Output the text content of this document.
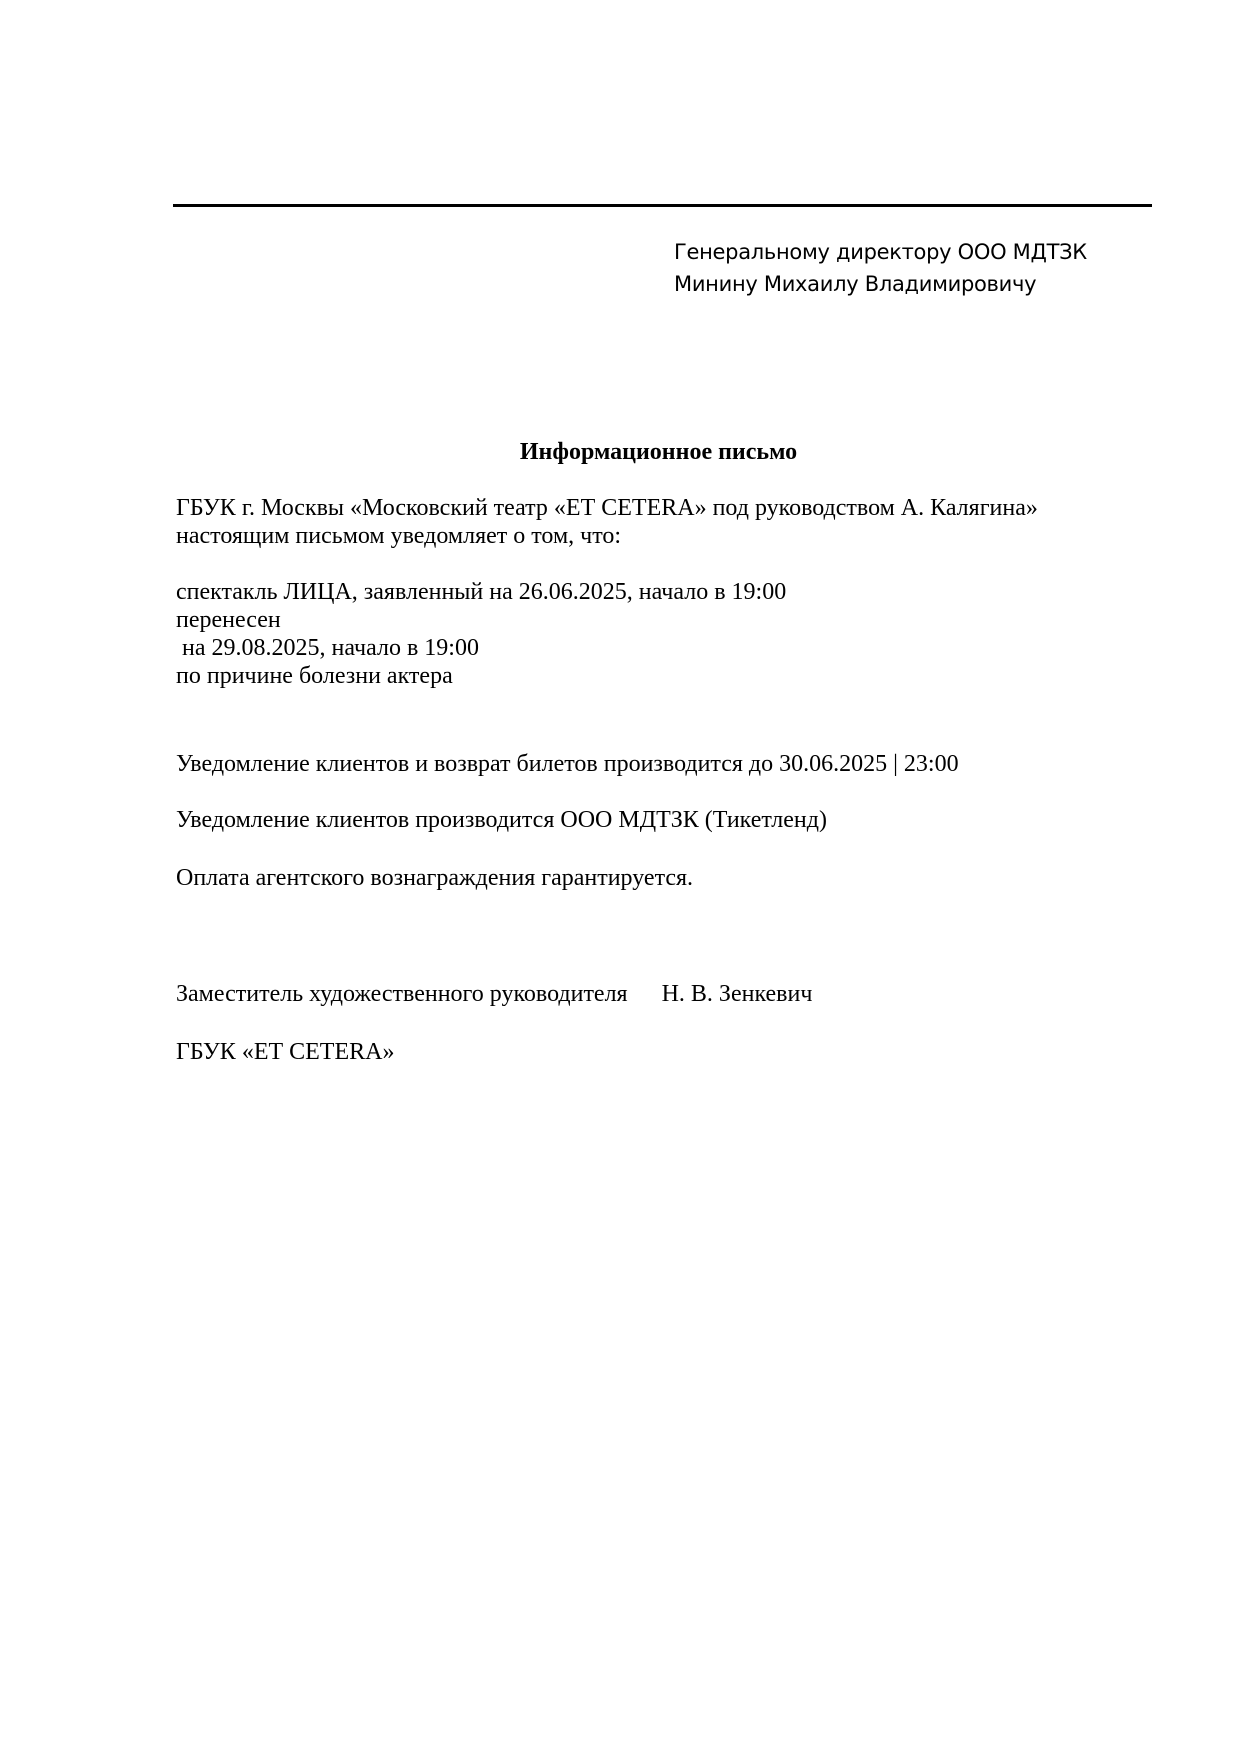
Генеральному директору ООО МДТЗК
Минину Михаилу Владимировичу
Информационное письмо
ГБУК г. Москвы «Московский театр «ЕТ CETERA» под руководством А. Калягина»
настоящим письмом уведомляет о том, что:
спектакль ЛИЦА, заявленный на 26.06.2025, начало в 19:00
перенесен
на 29.08.2025, начало в 19:00
по причине болезни актера
Уведомление клиентов и возврат билетов производится до 30.06.2025 | 23:00
Уведомление клиентов производится ООО МДТЗК (Тикетленд)
Оплата агентского вознаграждения гарантируется.
Заместитель художественного руководителя Н. В. Зенкевич
ГБУК «ЕТ CETERA»
